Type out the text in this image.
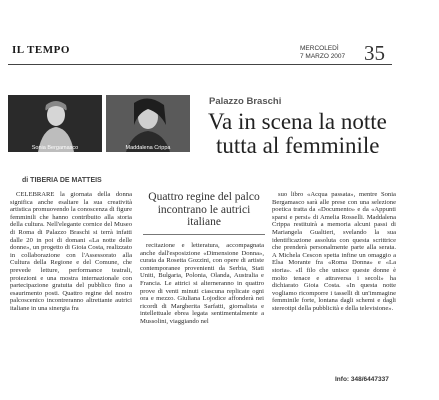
IL TEMPO	MERCOLEDÌ
7 MARZO 2007 35
Sonia Bergamasco	Maddalena Crippa
Palazzo Braschi
Va in scena la notte
tutta al femminile
di TIBERIA DE MATTEIS

CELEBRARE la giornata della donna significa anche esaltare la sua creatività artistica promuovendo la conoscenza di figure femminili che hanno contribuito alla storia della cultura. Nell'elegante cornice del Museo di Roma di Palazzo Braschi si terrà infatti dalle 20 in poi di domani «La notte delle donne», un progetto di Gioia Costa, realizzato in collaborazione con l'Assessorato alla Cultura della Regione e del Comune, che prevede letture, performance teatrali, proiezioni e una mostra internazionale con partecipazione gratuita del pubblico fino a esaurimento posti. Quattro regine del nostro palcoscenico incontreranno altrettante autrici italiane in una sinergia fra

Quattro regine del palco incontrano le autrici italiane

recitazione e letteratura, accompagnata anche dall'esposizione «Dimensione Donna», curata da Rosetta Gozzini, con opere di artiste contemporanee provenienti da Serbia, Stati Uniti, Bulgaria, Polonia, Olanda, Australia e Francia. Le attrici si alterneranno in quattro prove di venti minuti ciascuna replicate ogni ora e mezzo. Giuliana Lojodice affonderà nei ricordi di Margherita Sarfatti, giornalista e intellettuale ebrea legata sentimentalmente a Mussolini, viaggiando nel

suo libro «Acqua passata», mentre Sonia Bergamasco sarà alle prese con una selezione poetica tratta da «Documento» e da «Appunti sparsi e persi» di Amelia Rosselli. Maddalena Crippa restituirà a memoria alcuni passi di Mariangela Gualtieri, svelando la sua identificazione assoluta con questa scrittrice che prenderà personalmente parte alla serata. A Michela Cescon spetta infine un omaggio a Elsa Morante fra «Roma Donna» e «La storia». «Il filo che unisce queste donne è molto tenace e attraversa i secoli» ha dichiarato Gioia Costa. «In questa notte vogliamo ricomporre i tasselli di un'immagine femminile forte, lontana dagli schemi e dagli stereotipi della pubblicità e della televisione».

Info: 348/6447337
